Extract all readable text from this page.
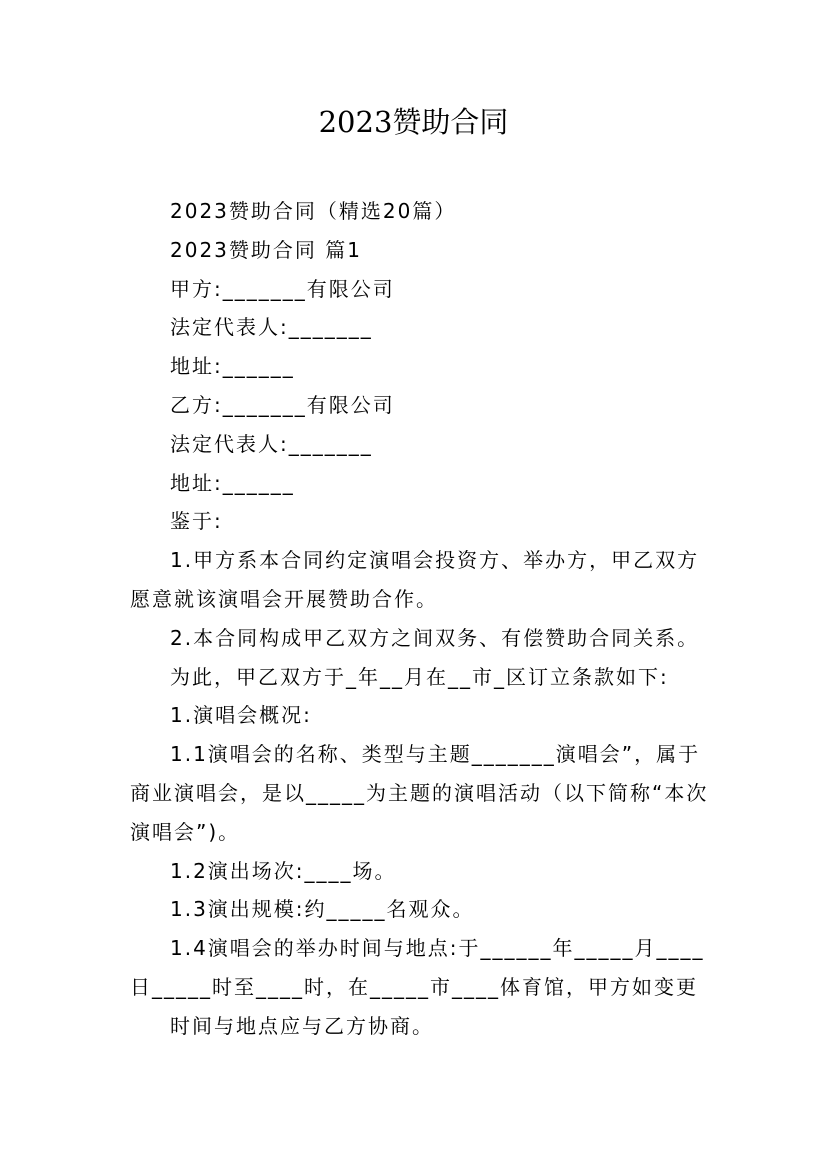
2023赞助合同

2023赞助合同（精选20篇）

2023赞助合同 篇1

甲方:_______有限公司

法定代表人:_______

地址:______

乙方:_______有限公司

法定代表人:_______

地址:______

鉴于:

1.甲方系本合同约定演唱会投资方、举办方，甲乙双方愿意就该演唱会开展赞助合作。

2.本合同构成甲乙双方之间双务、有偿赞助合同关系。

为此，甲乙双方于_年__月在__市_区订立条款如下:

1.演唱会概况:

1.1演唱会的名称、类型与主题_______演唱会”，属于商业演唱会，是以_____为主题的演唱活动（以下简称“本次演唱会”)。

1.2演出场次:____场。

1.3演出规模:约_____名观众。

1.4演唱会的举办时间与地点:于______年_____月____日_____时至____时，在_____市____体育馆，甲方如变更

时间与地点应与乙方协商。
